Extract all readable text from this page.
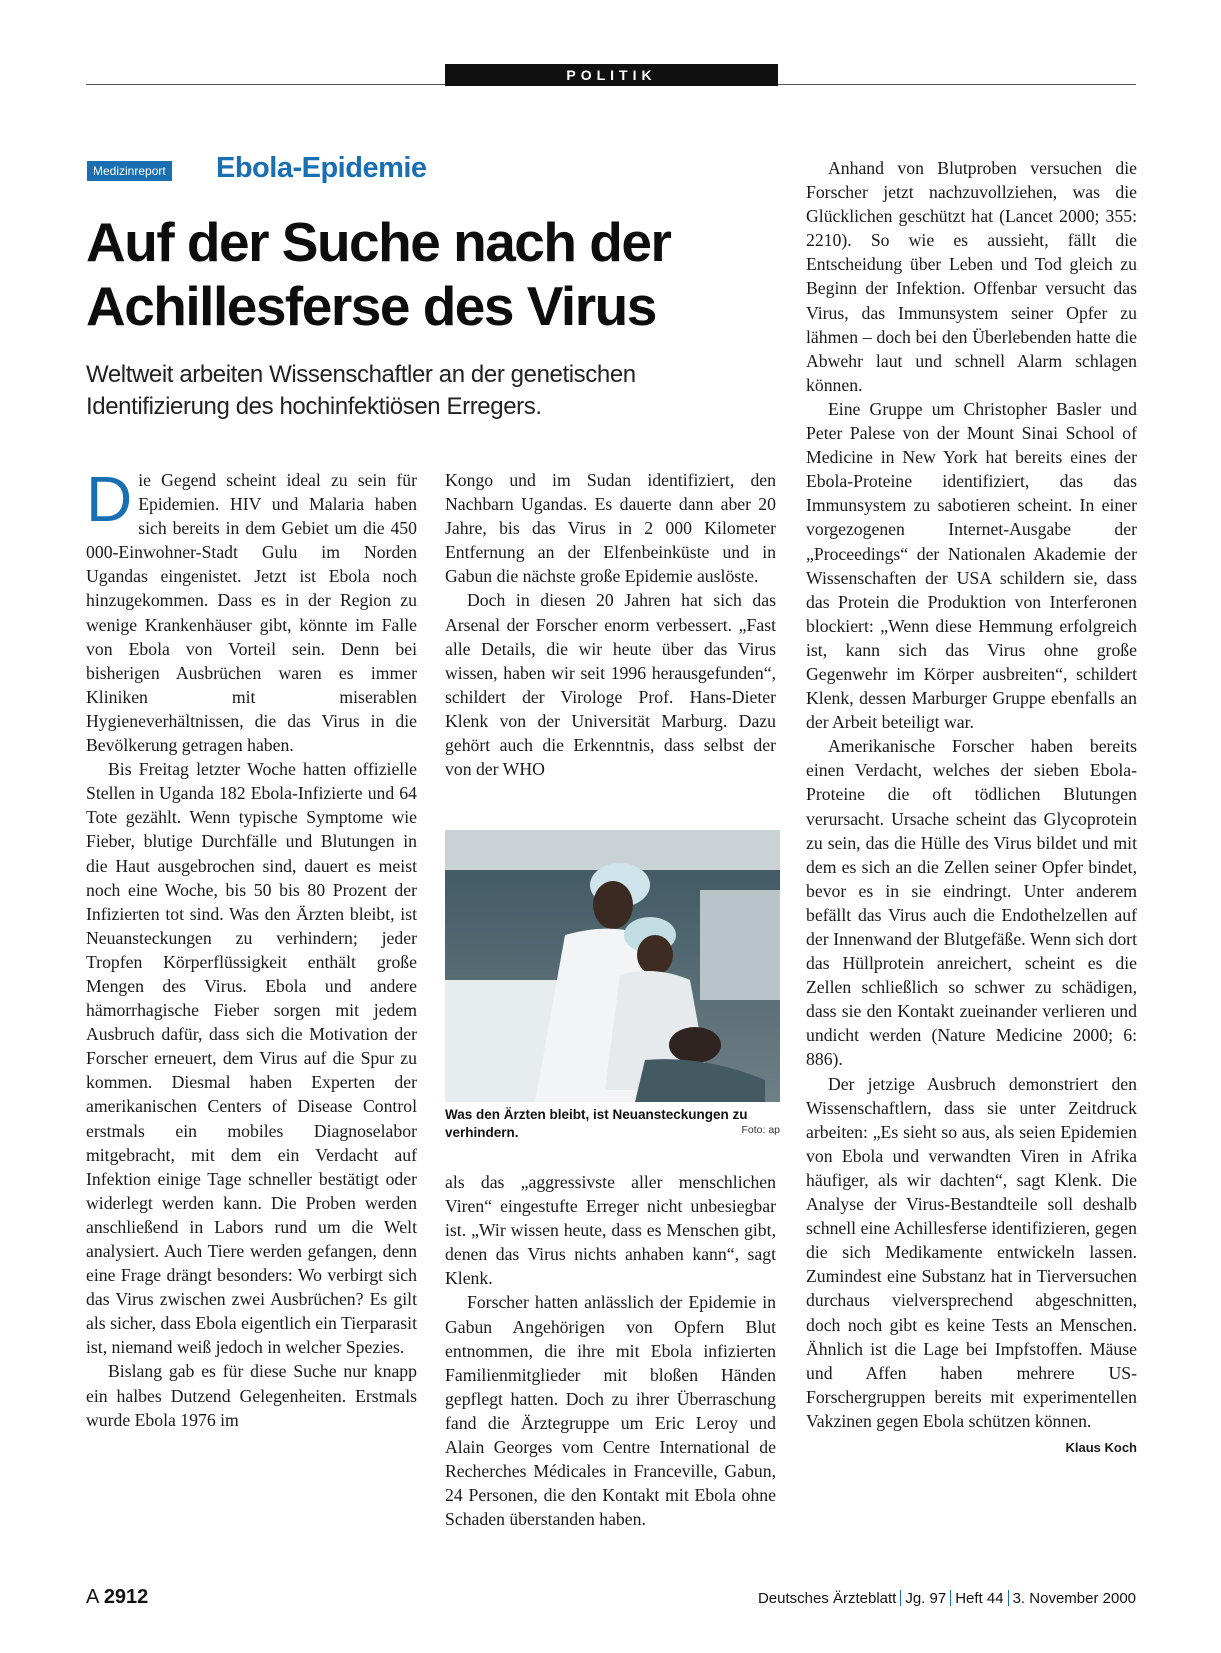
POLITIK
Medizinreport Ebola-Epidemie
Auf der Suche nach der
Achillesferse des Virus

Weltweit arbeiten Wissenschaftler an der genetischen
Identifizierung des hochinfektiösen Erregers.

Die Gegend scheint ideal zu sein für Epidemien. HIV und Malaria haben sich bereits in dem Gebiet um die 450 000-Einwohner-Stadt Gulu im Norden Ugandas eingenistet. Jetzt ist Ebola noch hinzugekommen. Dass es in der Region zu wenige Krankenhäuser gibt, könnte im Falle von Ebola von Vorteil sein. Denn bei bisherigen Ausbrüchen waren es immer Kliniken mit miserablen Hygieneverhältnissen, die das Virus in die Bevölkerung getragen haben.

Bis Freitag letzter Woche hatten offizielle Stellen in Uganda 182 Ebola-Infizierte und 64 Tote gezählt. Wenn typische Symptome wie Fieber, blutige Durchfälle und Blutungen in die Haut ausgebrochen sind, dauert es meist noch eine Woche, bis 50 bis 80 Prozent der Infizierten tot sind. Was den Ärzten bleibt, ist Neuansteckungen zu verhindern; jeder Tropfen Körperflüssigkeit enthält große Mengen des Virus. Ebola und andere hämorrhagische Fieber sorgen mit jedem Ausbruch dafür, dass sich die Motivation der Forscher erneuert, dem Virus auf die Spur zu kommen. Diesmal haben Experten der amerikanischen Centers of Disease Control erstmals ein mobiles Diagnoselabor mitgebracht, mit dem ein Verdacht auf Infektion einige Tage schneller bestätigt oder widerlegt werden kann. Die Proben werden anschließend in Labors rund um die Welt analysiert. Auch Tiere werden gefangen, denn eine Frage drängt besonders: Wo verbirgt sich das Virus zwischen zwei Ausbrüchen? Es gilt als sicher, dass Ebola eigentlich ein Tierparasit ist, niemand weiß jedoch in welcher Spezies.

Bislang gab es für diese Suche nur knapp ein halbes Dutzend Gelegenheiten. Erstmals wurde Ebola 1976 im

Kongo und im Sudan identifiziert, den Nachbarn Ugandas. Es dauerte dann aber 20 Jahre, bis das Virus in 2 000 Kilometer Entfernung an der Elfenbeinküste und in Gabun die nächste große Epidemie auslöste.

Doch in diesen 20 Jahren hat sich das Arsenal der Forscher enorm verbessert. „Fast alle Details, die wir heute über das Virus wissen, haben wir seit 1996 herausgefunden“, schildert der Virologe Prof. Hans-Dieter Klenk von der Universität Marburg. Dazu gehört auch die Erkenntnis, dass selbst der von der WHO

Was den Ärzten bleibt, ist Neuansteckungen zu verhindern.	Foto: ap

als das „aggressivste aller menschlichen Viren“ eingestufte Erreger nicht unbesiegbar ist. „Wir wissen heute, dass es Menschen gibt, denen das Virus nichts anhaben kann“, sagt Klenk.

Forscher hatten anlässlich der Epidemie in Gabun Angehörigen von Opfern Blut entnommen, die ihre mit Ebola infizierten Familienmitglieder mit bloßen Händen gepflegt hatten. Doch zu ihrer Überraschung fand die Ärztegruppe um Eric Leroy und Alain Georges vom Centre International de Recherches Médicales in Franceville, Gabun, 24 Personen, die den Kontakt mit Ebola ohne Schaden überstanden haben.

Anhand von Blutproben versuchen die Forscher jetzt nachzuvollziehen, was die Glücklichen geschützt hat (Lancet 2000; 355: 2210). So wie es aussieht, fällt die Entscheidung über Leben und Tod gleich zu Beginn der Infektion. Offenbar versucht das Virus, das Immunsystem seiner Opfer zu lähmen – doch bei den Überlebenden hatte die Abwehr laut und schnell Alarm schlagen können.

Eine Gruppe um Christopher Basler und Peter Palese von der Mount Sinai School of Medicine in New York hat bereits eines der Ebola-Proteine identifiziert, das das Immunsystem zu sabotieren scheint. In einer vorgezogenen Internet-Ausgabe der „Proceedings“ der Nationalen Akademie der Wissenschaften der USA schildern sie, dass das Protein die Produktion von Interferonen blockiert: „Wenn diese Hemmung erfolgreich ist, kann sich das Virus ohne große Gegenwehr im Körper ausbreiten“, schildert Klenk, dessen Marburger Gruppe ebenfalls an der Arbeit beteiligt war.

Amerikanische Forscher haben bereits einen Verdacht, welches der sieben Ebola-Proteine die oft tödlichen Blutungen verursacht. Ursache scheint das Glycoprotein zu sein, das die Hülle des Virus bildet und mit dem es sich an die Zellen seiner Opfer bindet, bevor es in sie eindringt. Unter anderem befällt das Virus auch die Endothelzellen auf der Innenwand der Blutgefäße. Wenn sich dort das Hüllprotein anreichert, scheint es die Zellen schließlich so schwer zu schädigen, dass sie den Kontakt zueinander verlieren und undicht werden (Nature Medicine 2000; 6: 886).

Der jetzige Ausbruch demonstriert den Wissenschaftlern, dass sie unter Zeitdruck arbeiten: „Es sieht so aus, als seien Epidemien von Ebola und verwandten Viren in Afrika häufiger, als wir dachten“, sagt Klenk. Die Analyse der Virus-Bestandteile soll deshalb schnell eine Achillesferse identifizieren, gegen die sich Medikamente entwickeln lassen. Zumindest eine Substanz hat in Tierversuchen durchaus vielversprechend abgeschnitten, doch noch gibt es keine Tests an Menschen. Ähnlich ist die Lage bei Impfstoffen. Mäuse und Affen haben mehrere US-Forschergruppen bereits mit experimentellen Vakzinen gegen Ebola schützen können.
Klaus Koch

A 2912	Deutsches Ärzteblatt Jg. 97 Heft 44 3. November 2000
